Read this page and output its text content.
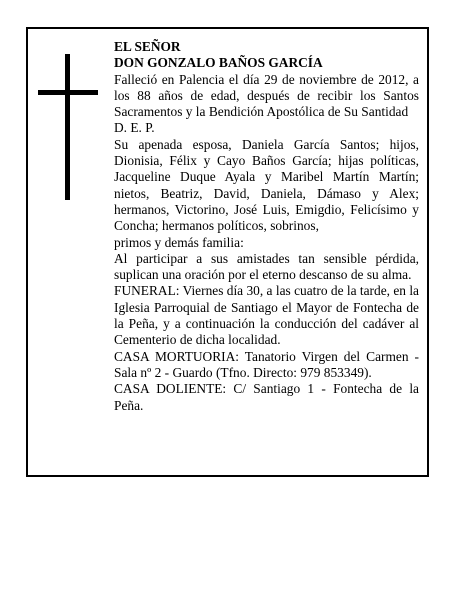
EL SEÑOR
DON GONZALO BAÑOS GARCÍA
Falleció en Palencia el día 29 de noviembre de 2012, a los 88 años de edad, después de recibir los Santos Sacramentos y la Bendición Apostólica de Su Santidad
D. E. P.
Su apenada esposa, Daniela García Santos; hijos, Dionisia, Félix y Cayo Baños García; hijas políticas, Jacqueline Duque Ayala y Maribel Martín Martín; nietos, Beatriz, David, Daniela, Dámaso y Alex; hermanos, Victorino, José Luis, Emigdio, Felicísimo y Concha; hermanos políticos, sobrinos,
primos y demás familia:
Al participar a sus amistades tan sensible pérdida, suplican una oración por el eterno descanso de su alma.
FUNERAL: Viernes día 30, a las cuatro de la tarde, en la Iglesia Parroquial de Santiago el Mayor de Fontecha de la Peña, y a continuación la conducción del cadáver al Cementerio de dicha localidad.
CASA MORTUORIA: Tanatorio Virgen del Carmen - Sala nº 2 - Guardo (Tfno. Directo: 979 853349).
CASA DOLIENTE: C/ Santiago 1 - Fontecha de la Peña.
